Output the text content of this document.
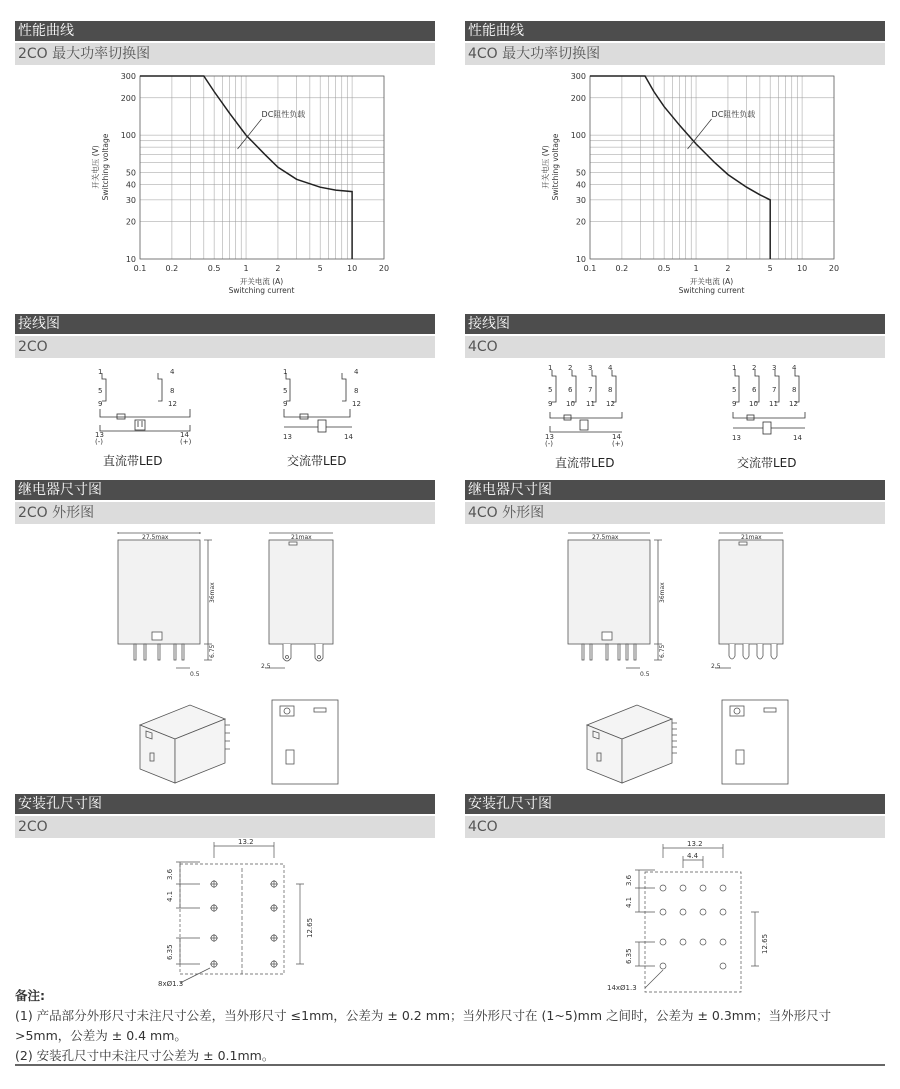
性能曲线
2CO 最大功率切换图
0.1 0.2	0.5	1	2	5	10	20
300
200
100
50
40
30
20
10
开关电压 (V) Switching voltage
开关电流 (A)
Switching current
DC阻性负载
接线图
2CO
1	4
5	8
9	12
13
(-)
14
(+)
直流带LED
1	4
5	8
9	12
13	14
交流带LED
继电器尺寸图
2CO 外形图
27.5max
36max
6.75
0.5
21max
2.5
安装孔尺寸图
2CO
13.2
3.6
4.1
6.35
12.65
8xØ1.3
性能曲线
4CO 最大功率切换图
0.1 0.2	0.5	1	2	5	10	20
300
200
100
50
40
30
20
10
开关电压 (V) Switching voltage
开关电流 (A)
Switching current
DC阻性负载
接线图
4CO
1 2 3 4
5 6 7 8
9 10 11 12
13
(-)
14
(+)
直流带LED
1 2 3 4
5 6 7 8
9 10 11 12
13	14
交流带LED
继电器尺寸图
4CO 外形图
27.5max
36max
6.75
0.5
21max
2.5
安装孔尺寸图
4CO
13.2
4.4
3.6
4.1
6.35
12.65
14xØ1.3
备注:
(1) 产品部分外形尺寸未注尺寸公差，当外形尺寸 ≤1mm，公差为 ± 0.2 mm；当外形尺寸在 (1~5)mm 之间时，公差为 ± 0.3mm；当外形尺寸
>5mm，公差为 ± 0.4 mm。
(2) 安装孔尺寸中未注尺寸公差为 ± 0.1mm。
